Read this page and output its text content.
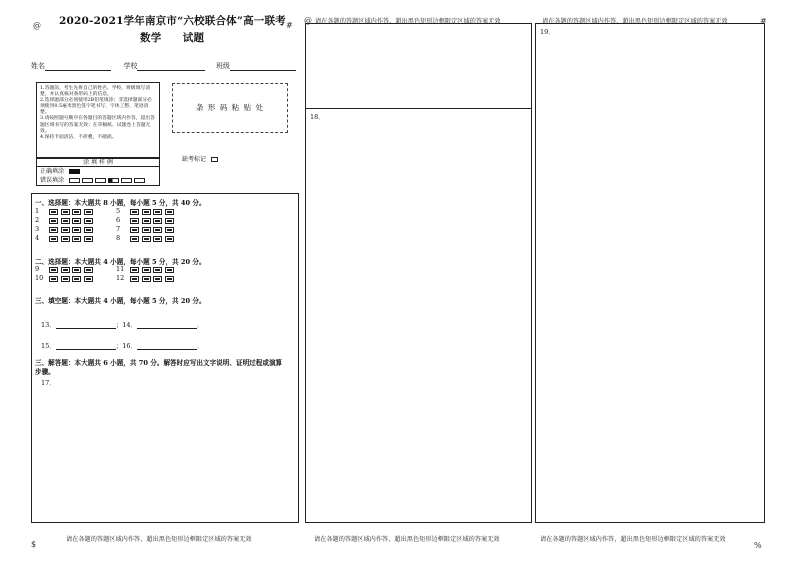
@	#
@	#
$	%
2020-2021学年南京市“六校联合体”高一联考
数学　　试题
姓名	学校	班级
1.答题前，考生先将自己的姓名、学校、班级填写清楚，并认真核对条形码上的信息。
2.选择题部分必须使用2B铅笔填涂；非选择题部分必须使用0.5毫米黑色签字笔书写，字体工整、笔迹清楚。
3.请按照题号顺序在各题目的答题区域内作答，超出答题区域书写的答案无效；在草稿纸、试题卷上答题无效。
4.保持卡面清洁，不折叠，不破损。
条 形 码 粘 贴 处
涂 填 样 例
正确填涂
错误填涂
缺考标记
一、选择题：本大题共 8 小题，每小题 5 分，共 40 分。
1
2
3
4
5
6
7
8
二、选择题：本大题共 4 小题，每小题 5 分，共 20 分。
9
10
11
12
三、填空题：本大题共 4 小题，每小题 5 分，共 20 分。
13．	；14．	．
15．	；16．	．
三、解答题：本大题共 6 小题，共 70 分。解答时应写出文字说明、证明过程或演算
步骤。
17．
请在各题的答题区域内作答，超出黑色矩形边框限定区域的答案无效
18．
请在各题的答题区域内作答，超出黑色矩形边框限定区域的答案无效
19．
请在各题的答题区域内作答，超出黑色矩形边框限定区域的答案无效	请在各题的答题区域内作答，超出黑色矩形边框限定区域的答案无效	请在各题的答题区域内作答，超出黑色矩形边框限定区域的答案无效
